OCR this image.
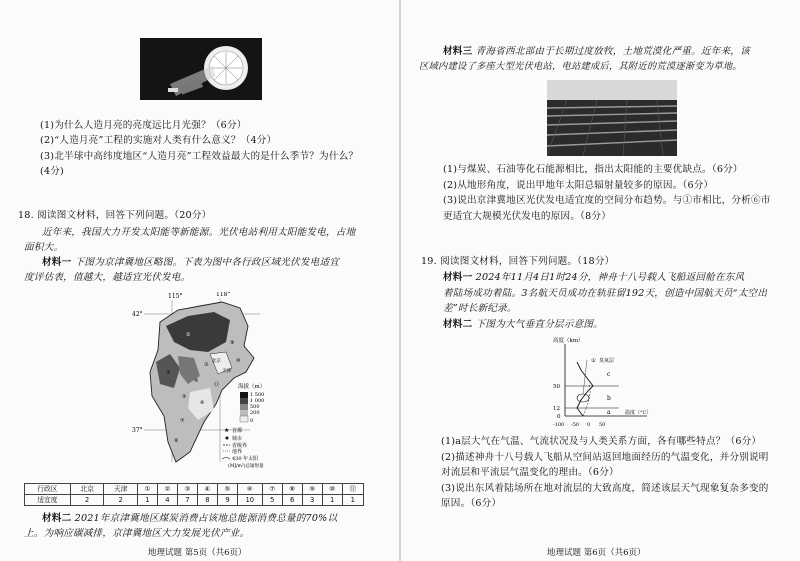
(1)为什么人造月亮的亮度远比月光强？（6分）
(2)“人造月亮”工程的实施对人类有什么意义？（4分）
(3)北半球中高纬度地区“人造月亮”工程效益最大的是什么季节？为什么？
(4分)
18. 阅读图文材料，回答下列问题。（20分）
近年来，我国大力开发太阳能等新能源。光伏电站利用太阳能发电，占地
面积大。
材料一 下图为京津冀地区略图。下表为图中各行政区域光伏发电适宜
度评估表，值越大，越适宜光伏发电。
115°	118°
42°
37°
①
②
③
④
⑤
⑥
⑦
⑧
⑨
⑩
⑪
北京
天津
海拔（m）
1 500
1 000
500
200
0
★ 首都
城市
省级界
地界
430 年太阳
(MJ/m²)总辐射量
行政区	北京	天津	①	②	③	④	⑤	⑥	⑦	⑧	⑨	⑩	⑪
适宜度	2	2	1	4	7	8	9	10	5	6	3	1	1
材料二 2021年京津冀地区煤炭消费占该地总能源消费总量的70%以
上。为响应碳减排，京津冀地区大力发展光伏产业。
地理试题 第5页（共6页）
材料三 青海省西北部由于长期过度放牧，土地荒漠化严重。近年来，该
区域内建设了多座大型光伏电站，电站建成后，其附近的荒漠逐渐变为草地。
(1)与煤炭、石油等化石能源相比，指出太阳能的主要优缺点。（6分）
(2)从地形角度，说出甲地年太阳总辐射量较多的原因。（6分）
(3)说出京津冀地区光伏发电适宜度的空间分布趋势。与①市相比，分析⑥市
更适宜大规模光伏发电的原因。（8分）
19. 阅读图文材料，回答下列问题。（18分）
材料一 2024年11月4日1时24分，神舟十八号载人飞船返回舱在东风
着陆场成功着陆。3名航天员成功在轨驻留192天，创造中国航天员“太空出
差”时长新纪录。
材料二 下图为大气垂直分层示意图。
高度（km）
50
12
0
① 臭氧层
a
b
c
-100 -50 0 50
温度（°C）
(1)a层大气在气温、气流状况及与人类关系方面，各有哪些特点？（6分）
(2)描述神舟十八号载人飞船从空间站返回地面经历的气温变化，并分别说明
对流层和平流层气温变化的理由。（6分）
(3)说出东风着陆场所在地对流层的大致高度，简述该层天气现象复杂多变的
原因。（6分）
地理试题 第6页（共6页）
